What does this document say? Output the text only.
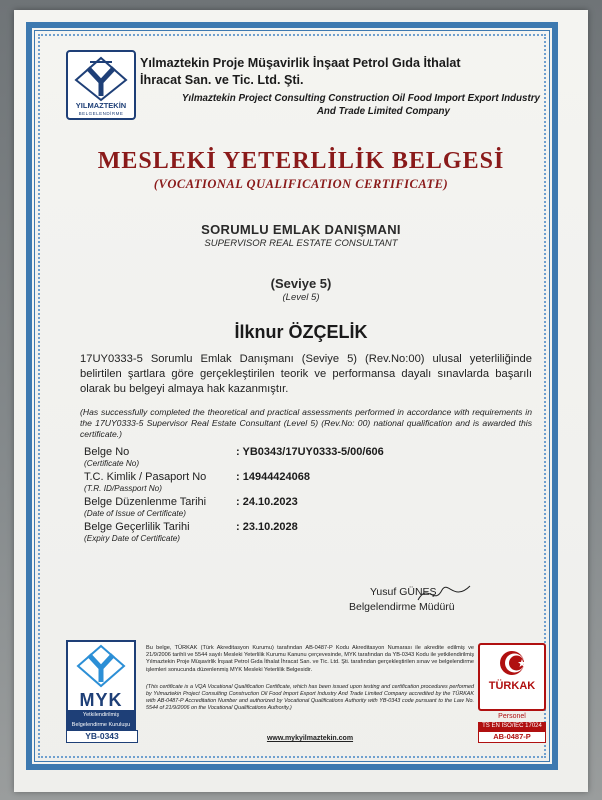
YILMAZTEKİN
BELGELENDİRME
Yılmaztekin Proje Müşavirlik İnşaat Petrol Gıda İthalat
İhracat San. ve Tic. Ltd. Şti.
Yılmaztekin Project Consulting Construction Oil Food Import Export Industry
And Trade Limited Company
MESLEKİ YETERLİLİK BELGESİ
(VOCATIONAL QUALIFICATION CERTIFICATE)
SORUMLU EMLAK DANIŞMANI
SUPERVISOR REAL ESTATE CONSULTANT
(Seviye 5)
(Level 5)
İlknur ÖZÇELİK
17UY0333-5 Sorumlu Emlak Danışmanı (Seviye 5) (Rev.No:00) ulusal yeterliliğinde belirtilen şartlara göre gerçekleştirilen teorik ve performansa dayalı sınavlarda başarılı olarak bu belgeyi almaya hak kazanmıştır.
(Has successfully completed the theoretical and practical assessments performed in accordance with requirements in the 17UY0333-5 Supervisor Real Estate Consultant (Level 5) (Rev.No: 00) national qualification and is awarded this certificate.)
Belge No
(Certificate No)
: YB0343/17UY0333-5/00/606
T.C. Kimlik / Pasaport No
(T.R. ID/Passport No)
: 14944424068
Belge Düzenlenme Tarihi
(Date of Issue of Certificate)
: 24.10.2023
Belge Geçerlilik Tarihi
(Expiry Date of Certificate)
: 23.10.2028
Yusuf GÜNEŞ
Belgelendirme Müdürü
MYK
Yetkilendirilmiş Belgelendirme Kuruluşu
YB-0343
Bu belge, TÜRKAK (Türk Akreditasyon Kurumu) tarafından AB-0487-P Kodu Akreditasyon Numarası ile akredite edilmiş ve 21/9/2006 tarihli ve 5544 sayılı Mesleki Yeterlilik Kurumu Kanunu çerçevesinde, MYK tarafından da YB-0343 Kodu ile yetkilendirilmiş Yılmaztekin Proje Müşavirlik İnşaat Petrol Gıda İthalat İhracat San. ve Tic. Ltd. Şti. tarafından gerçekleştirilen sınav ve belgelendirme işlemleri sonucunda düzenlenmiş MYK Mesleki Yeterlilik Belgesidir.
(This certificate is a VQA Vocational Qualification Certificate, which has been issued upon testing and certification procedures performed by Yılmaztekin Project Consulting Construction Oil Food Import Export Industry And Trade Limited Company accredited by the TÜRKAK with AB-0487-P Accreditation Number and authorized by Vocational Qualifications Authority with YB-0343 code pursuant to the Law No. 5544 of 21/9/2006 on the Vocational Qualifications Authority.)
www.mykyilmaztekin.com
TÜRKAK
Personel
TS EN ISO/IEC 17024
AB-0487-P
